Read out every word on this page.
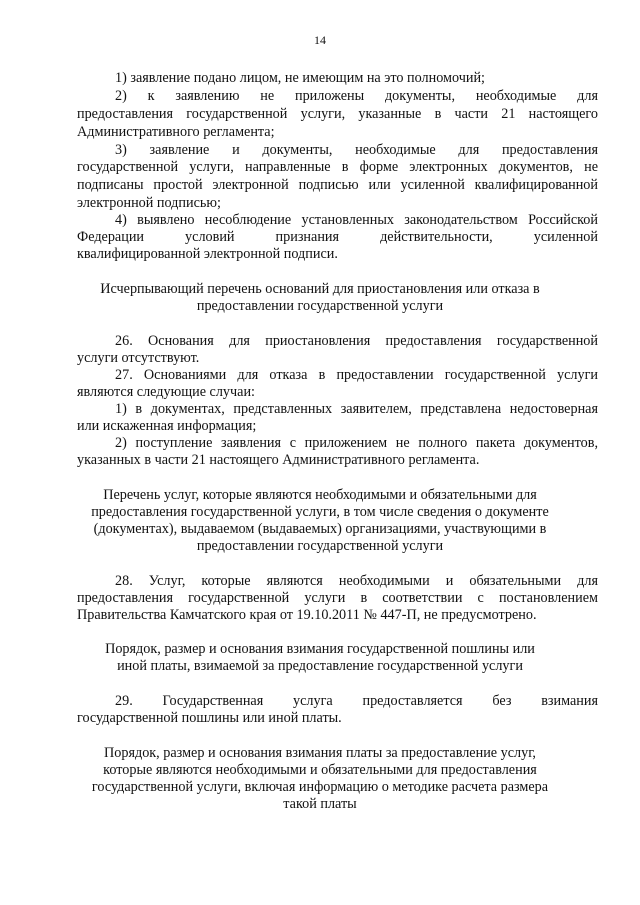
14
1) заявление подано лицом, не имеющим на это полномочий;
2) к заявлению не приложены документы, необходимые для
предоставления государственной услуги, указанные в части 21 настоящего
Административного регламента;
3) заявление и документы, необходимые для предоставления
государственной услуги, направленные в форме электронных документов, не
подписаны простой электронной подписью или усиленной квалифицированной
электронной подписью;
4) выявлено несоблюдение установленных законодательством Российской
Федерации условий признания действительности, усиленной
квалифицированной электронной подписи.
Исчерпывающий перечень оснований для приостановления или отказа в
предоставлении государственной услуги
26. Основания для приостановления предоставления государственной
услуги отсутствуют.
27. Основаниями для отказа в предоставлении государственной услуги
являются следующие случаи:
1) в документах, представленных заявителем, представлена недостоверная
или искаженная информация;
2) поступление заявления с приложением не полного пакета документов,
указанных в части 21 настоящего Административного регламента.
Перечень услуг, которые являются необходимыми и обязательными для
предоставления государственной услуги, в том числе сведения о документе
(документах), выдаваемом (выдаваемых) организациями, участвующими в
предоставлении государственной услуги
28. Услуг, которые являются необходимыми и обязательными для
предоставления государственной услуги в соответствии с постановлением
Правительства Камчатского края от 19.10.2011 № 447-П, не предусмотрено.
Порядок, размер и основания взимания государственной пошлины или
иной платы, взимаемой за предоставление государственной услуги
29. Государственная услуга предоставляется без взимания
государственной пошлины или иной платы.
Порядок, размер и основания взимания платы за предоставление услуг,
которые являются необходимыми и обязательными для предоставления
государственной услуги, включая информацию о методике расчета размера
такой платы
